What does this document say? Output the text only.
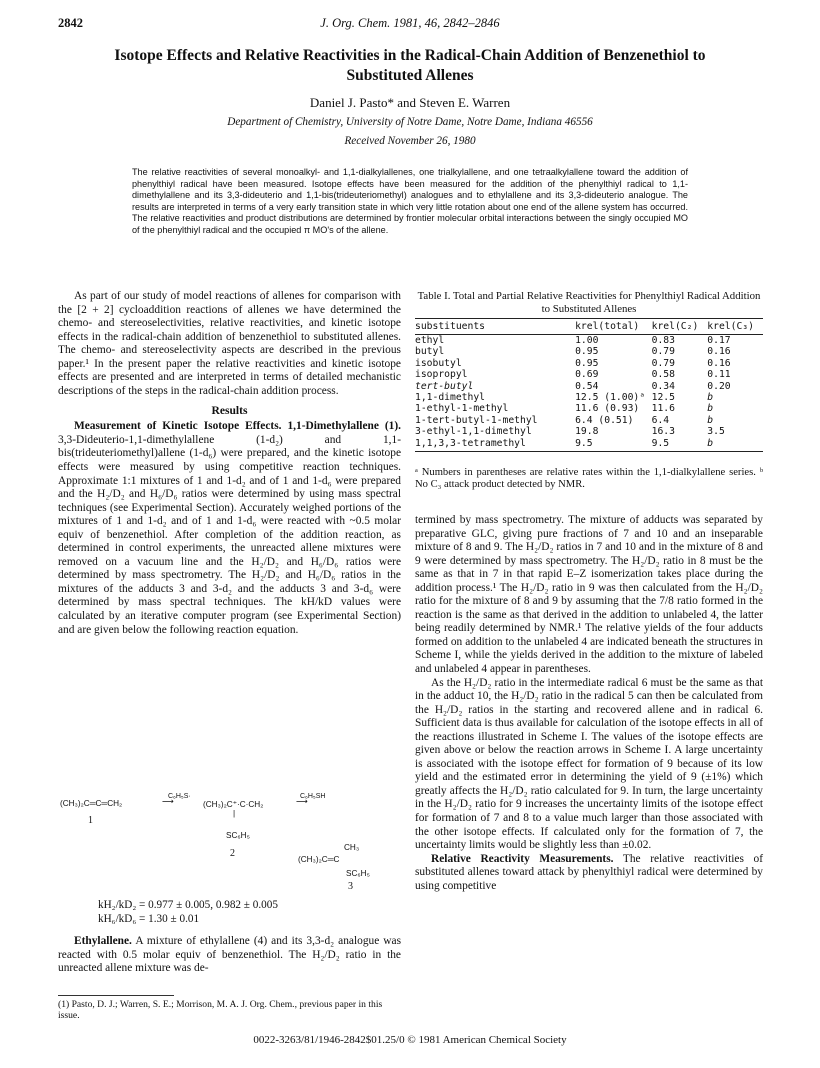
2842	J. Org. Chem. 1981, 46, 2842–2846
Isotope Effects and Relative Reactivities in the Radical-Chain Addition of Benzenethiol to Substituted Allenes
Daniel J. Pasto* and Steven E. Warren
Department of Chemistry, University of Notre Dame, Notre Dame, Indiana 46556
Received November 26, 1980

The relative reactivities of several monoalkyl- and 1,1-dialkylallenes, one trialkylallene, and one tetraalkylallene toward the addition of phenylthiyl radical have been measured. Isotope effects have been measured for the addition of the phenylthiyl radical to 1,1-dimethylallene and its 3,3-dideuterio and 1,1-bis(trideuteriomethyl) analogues and to ethylallene and its 3,3-dideuterio analogue. The results are interpreted in terms of a very early transition state in which very little rotation about one end of the allene system has occurred. The relative reactivities and product distributions are determined by frontier molecular orbital interactions between the singly occupied MO of the phenylthiyl radical and the occupied π MO's of the allene.

As part of our study of model reactions of allenes for comparison with the [2 + 2] cycloaddition reactions of allenes we have determined the chemo- and stereoselectivities, relative reactivities, and kinetic isotope effects in the radical-chain addition of benzenethiol to substituted allenes. The chemo- and stereoselectivity aspects are described in the previous paper.¹ In the present paper the relative reactivities and kinetic isotope effects are presented and are interpreted in terms of detailed mechanistic descriptions of the steps in the radical-chain addition process.

Results

Measurement of Kinetic Isotope Effects. 1,1-Dimethylallene (1). 3,3-Dideuterio-1,1-dimethylallene (1-d₂) and 1,1-bis(trideuteriomethyl)allene (1-d₆) were prepared, and the kinetic isotope effects were measured by using competitive reaction techniques. Approximate 1:1 mixtures of 1 and 1-d₂ and of 1 and 1-d₆ were prepared and the H₂/D₂ and H₆/D₆ ratios were determined by using mass spectral techniques (see Experimental Section). Accurately weighed portions of the mixtures of 1 and 1-d₂ and of 1 and 1-d₆ were reacted with ~0.5 molar equiv of benzenethiol. After completion of the addition reaction, as determined in control experiments, the unreacted allene mixtures were removed on a vacuum line and the H₂/D₂ and H₆/D₆ ratios were determined by mass spectrometry. The H₂/D₂ and H₆/D₆ ratios in the mixtures of the adducts 3 and 3-d₂ and the adducts 3 and 3-d₆ were determined by mass spectral techniques. The kH/kD values were calculated by an iterative computer program (see Experimental Section) and are given below the following reaction equation.

(CH₃)₂C═C═CH₂
C₆H₅S·
⟶	(CH₃)₂C⁺·C·CH₂
C₆H₅SH
⟶
1
|
SC₆H₅
2
CH₃
(CH₃)₂C═C
SC₆H₅
3
kH₂/kD₂ = 0.977 ± 0.005, 0.982 ± 0.005
kH₆/kD₆ = 1.30 ± 0.01

Ethylallene. A mixture of ethylallene (4) and its 3,3-d₂ analogue was reacted with 0.5 molar equiv of benzenethiol. The H₂/D₂ ratio in the unreacted allene mixture was de-

(1) Pasto, D. J.; Warren, S. E.; Morrison, M. A. J. Org. Chem., previous paper in this issue.
Table I. Total and Partial Relative Reactivities for Phenylthiyl Radical Addition to Substituted Allenes
substituents	krel(total)	krel(C₂)	krel(C₃)
ethyl	1.00	0.83	0.17
butyl	0.95	0.79	0.16
isobutyl	0.95	0.79	0.16
isopropyl	0.69	0.58	0.11
tert-butyl	0.54	0.34	0.20
1,1-dimethyl	12.5 (1.00)ᵃ	12.5	b
1-ethyl-1-methyl	11.6 (0.93)	11.6	b
1-tert-butyl-1-methyl	6.4 (0.51)	6.4	b
3-ethyl-1,1-dimethyl	19.8	16.3	3.5
1,1,3,3-tetramethyl	9.5	9.5	b
ᵃ Numbers in parentheses are relative rates within the 1,1-dialkylallene series. ᵇ No C₃ attack product detected by NMR.

termined by mass spectrometry. The mixture of adducts was separated by preparative GLC, giving pure fractions of 7 and 10 and an inseparable mixture of 8 and 9. The H₂/D₂ ratios in 7 and 10 and in the mixture of 8 and 9 were determined by mass spectrometry. The H₂/D₂ ratio in 8 must be the same as that in 7 in that rapid E–Z isomerization takes place during the addition process.¹ The H₂/D₂ ratio in 9 was then calculated from the H₂/D₂ ratio for the mixture of 8 and 9 by assuming that the 7/8 ratio formed in the reaction is the same as that derived in the addition to unlabeled 4, the latter being readily determined by NMR.¹ The relative yields of the four adducts formed on addition to the unlabeled 4 are indicated beneath the structures in Scheme I, while the yields derived in the addition to the mixture of labeled and unlabeled 4 appear in parentheses.

As the H₂/D₂ ratio in the intermediate radical 6 must be the same as that in the adduct 10, the H₂/D₂ ratio in the radical 5 can then be calculated from the H₂/D₂ ratios in the starting and recovered allene and in radical 6. Sufficient data is thus available for calculation of the isotope effects in all of the reactions illustrated in Scheme I. The values of the isotope effects are given above or below the reaction arrows in Scheme I. A large uncertainty is associated with the isotope effect for formation of 9 because of its low yield and the estimated error in determining the yield of 9 (±1%) which greatly affects the H₂/D₂ ratio calculated for 9. In turn, the large uncertainty in the H₂/D₂ ratio for 9 increases the uncertainty limits of the isotope effect for formation of 7 and 8 to a value much larger than those associated with the other isotope effects. If calculated only for the formation of 7, the uncertainty limits would be slightly less than ±0.02.

Relative Reactivity Measurements. The relative reactivities of substituted allenes toward attack by phenylthiyl radical were determined by using competitive

0022-3263/81/1946-2842$01.25/0 © 1981 American Chemical Society
